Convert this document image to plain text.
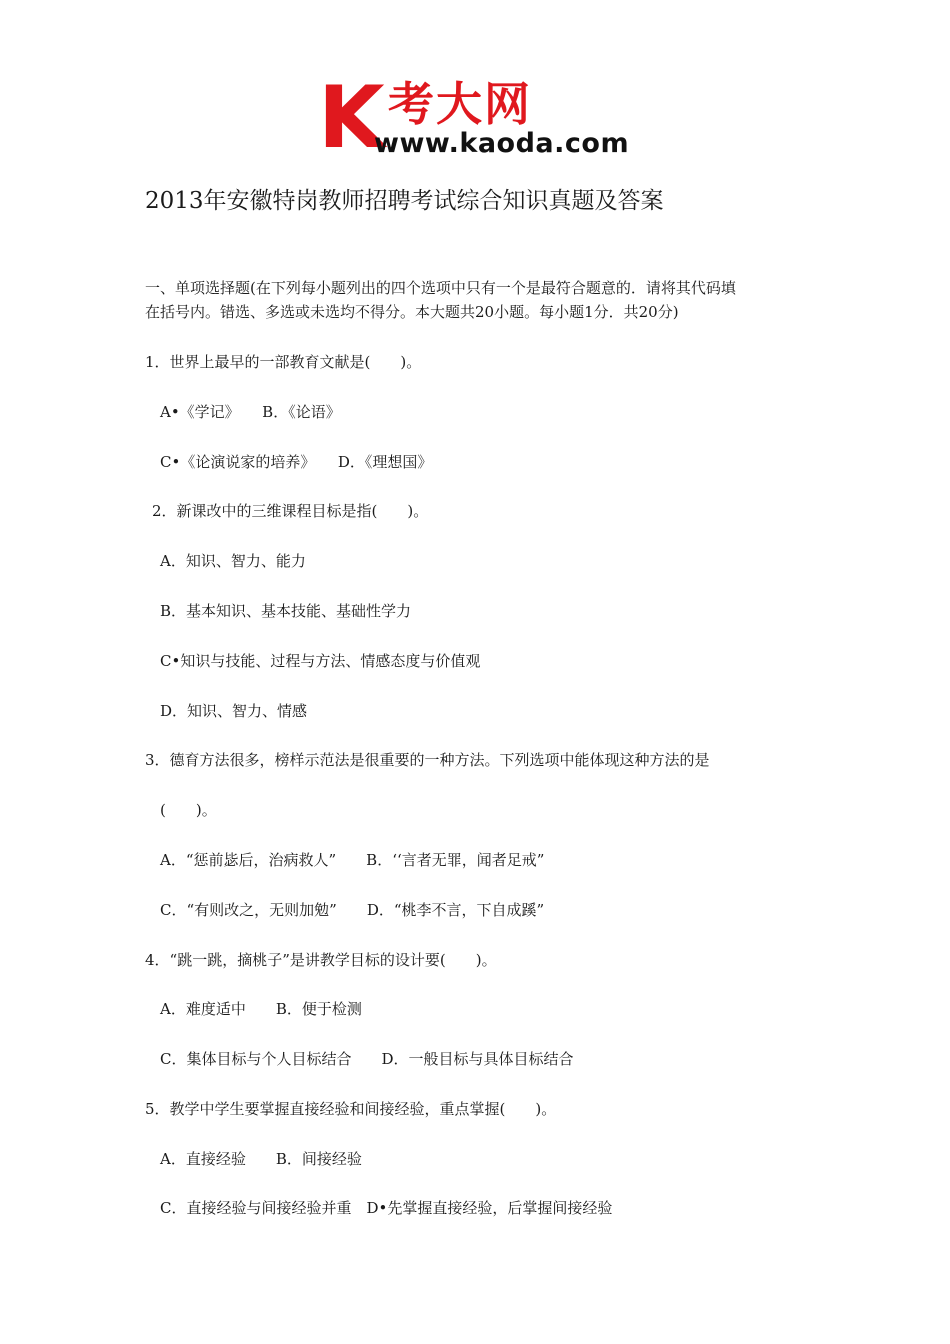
K 考大网
www.kaoda.com
2013年安徽特岗教师招聘考试综合知识真题及答案
一、单项选择题(在下列每小题列出的四个选项中只有一个是最符合题意的．请将其代码填
在括号内。错选、多选或未选均不得分。本大题共20小题。每小题1分．共20分)
1．世界上最早的一部教育文献是(　　)。
A•《学记》　　B．《论语》
C•《论演说家的培养》　　D．《理想国》
2．新课改中的三维课程目标是指(　　)。
A．知识、智力、能力
B．基本知识、基本技能、基础性学力
C•知识与技能、过程与方法、情感态度与价值观
D．知识、智力、情感
3．德育方法很多，榜样示范法是很重要的一种方法。下列选项中能体现这种方法的是
(　　)。
A．“惩前毖后，治病救人”　　B．‘‘言者无罪，闻者足戒”
C．“有则改之，无则加勉”　　D．“桃李不言，下自成蹊”
4．“跳一跳，摘桃子”是讲教学目标的设计要(　　)。
A．难度适中　　B．便于检测
C．集体目标与个人目标结合　　D．一般目标与具体目标结合
5．教学中学生要掌握直接经验和间接经验，重点掌握(　　)。
A．直接经验　　B．间接经验
C．直接经验与间接经验并重　D•先掌握直接经验，后掌握间接经验
